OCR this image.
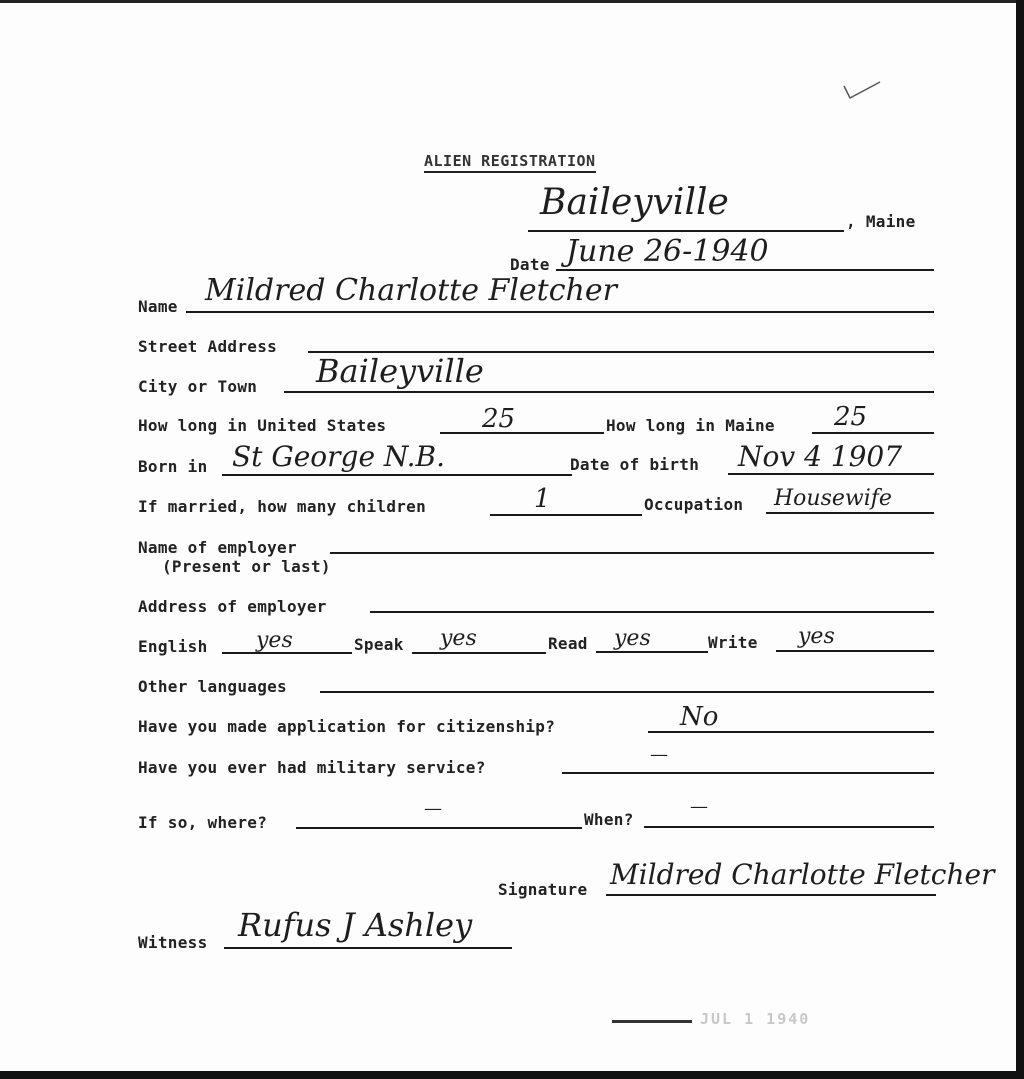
ALIEN REGISTRATION
Baileyville	, Maine
Date June 26-1940
Name Mildred Charlotte Fletcher
Street Address
City or Town Baileyville
How long in United States	25	How long in Maine 25
Born in St George N.B.	Date of birth Nov 4 1907
If married, how many children	1	Occupation Housewife
Name of employer
(Present or last)
Address of employer
English yes	Speak yes	Read yes	Write yes
Other languages
Have you made application for citizenship?	No
Have you ever had military service?
—
If so, where?
—
When?
—
Signature Mildred Charlotte Fletcher
Witness Rufus J Ashley
JUL 1 1940
